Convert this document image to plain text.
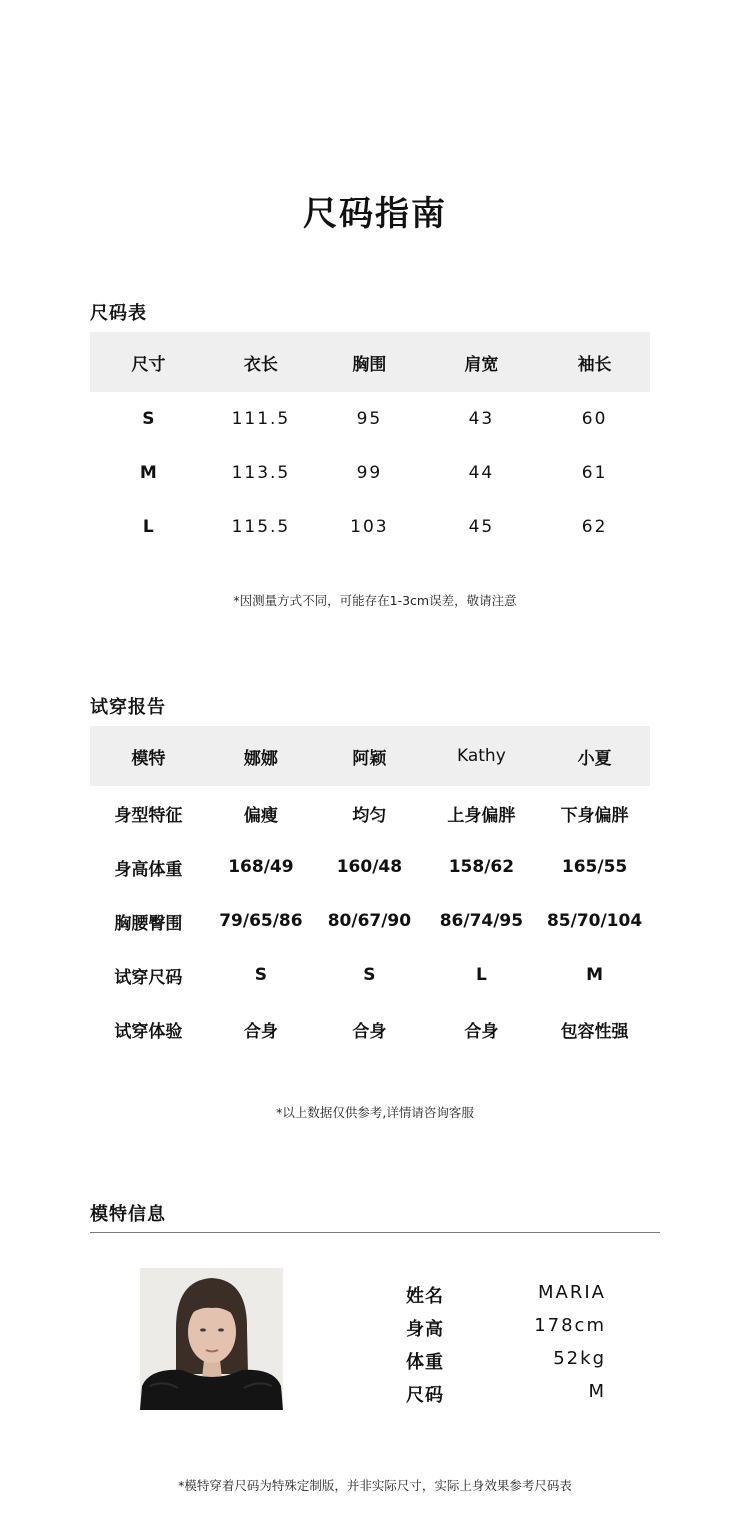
尺码指南
尺码表
尺寸	衣长	胸围	肩宽	袖长
S	111.5	95	43	60
M	113.5	99	44	61
L	115.5	103	45	62
*因测量方式不同，可能存在1-3cm误差，敬请注意
试穿报告
模特	娜娜	阿颖	Kathy	小夏
身型特征	偏瘦	均匀	上身偏胖	下身偏胖
身高体重	168/49	160/48	158/62	165/55
胸腰臀围	79/65/86	80/67/90	86/74/95	85/70/104
试穿尺码	S	S	L	M
试穿体验	合身	合身	合身	包容性强
*以上数据仅供参考,详情请咨询客服
模特信息
姓名	MARIA
身高	178cm
体重	52kg
尺码	M
*模特穿着尺码为特殊定制版，并非实际尺寸，实际上身效果参考尺码表
